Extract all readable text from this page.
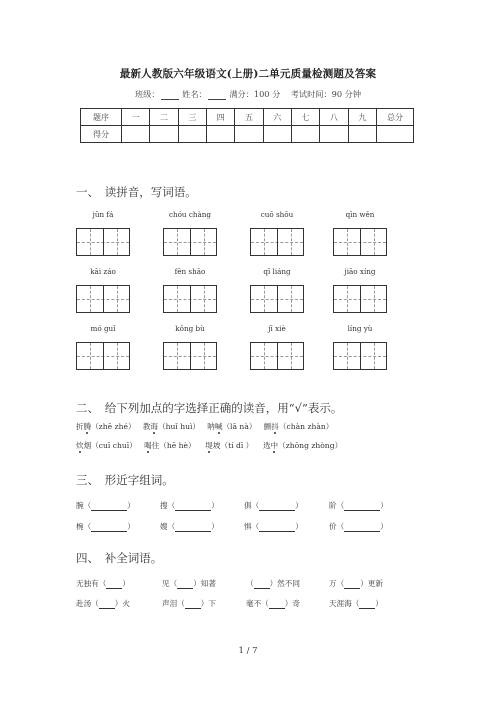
最新人教版六年级语文(上册)二单元质量检测题及答案
班级：	姓名：	满分：100 分 考试时间：90 分钟
题序	一	二	三	四	五	六	七	八	九	总分
得分										
一、　读拼音，写词语。
jūn fá	chóu chàng	cuō shǒu	qīn wěn
kāi záo	fēn shāo	qī liáng	jiāo xíng
mó guǐ	kǒng bù	jī xiè	líng yù
二、　给下列加点的字选择正确的读音，用“√”表示。
折腾（zhē zhé） 教诲（huǐ huì） 呐喊（lā nà） 颤抖（chàn zhàn）
炊烟（cuī chuī） 喝住（hē hè） 堤坡（tí dī ） 选中（zhōng zhòng）
三、　形近字组词。
腕（	）	搜（	）	俱（	）	阶（	）
椀（	）	嫂（	）	惧（	）	价（	）
四、　补全词语。
无独有（ ）	见（ ）知著	（ ）然不同	万（ ）更新
赴汤（ ）火	声泪（ ）下	毫不（ ）奇	天涯海（ ）
1 / 7
